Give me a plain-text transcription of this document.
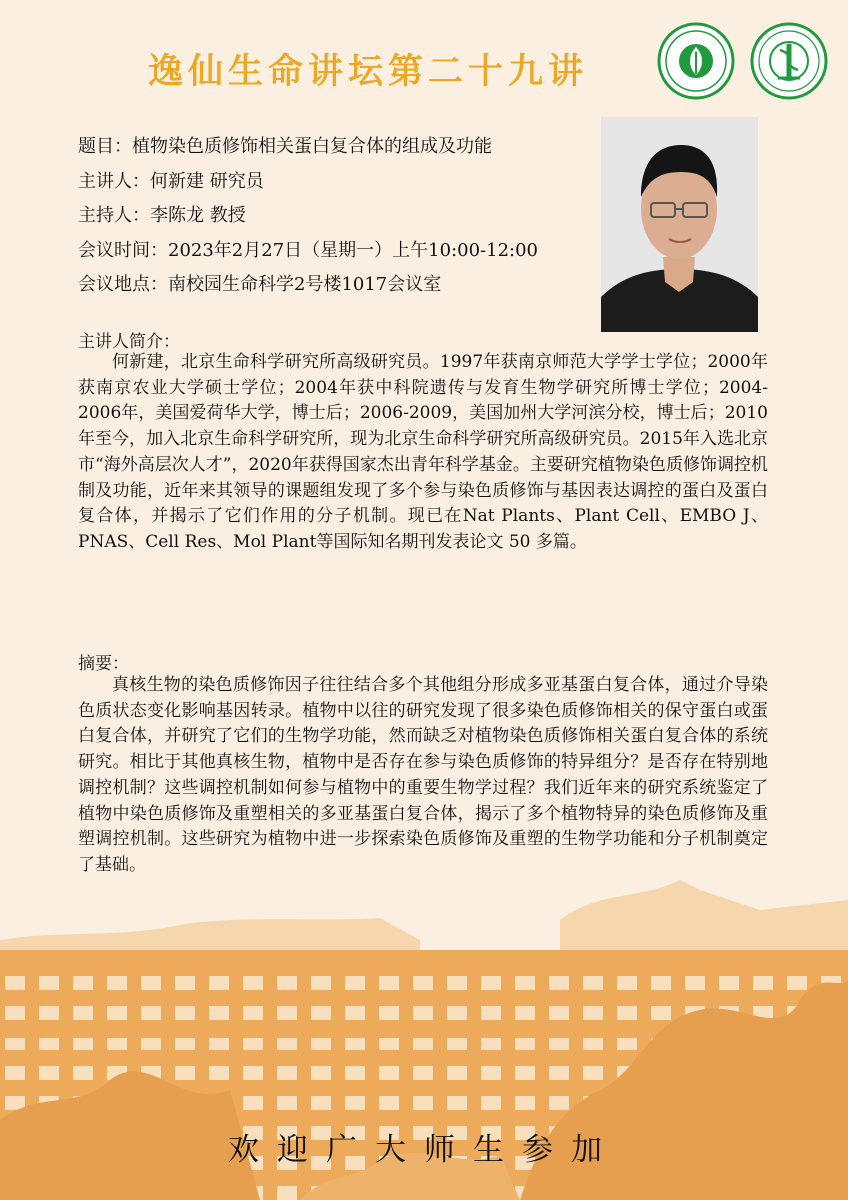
逸仙生命讲坛第二十九讲
题目：植物染色质修饰相关蛋白复合体的组成及功能
主讲人：何新建 研究员
主持人：李陈龙 教授
会议时间：2023年2月27日（星期一）上午10:00-12:00
会议地点：南校园生命科学2号楼1017会议室
主讲人简介：
何新建，北京生命科学研究所高级研究员。1997年获南京师范大学学士学位；2000年获南京农业大学硕士学位；2004年获中科院遗传与发育生物学研究所博士学位；2004-2006年，美国爱荷华大学，博士后；2006-2009，美国加州大学河滨分校，博士后；2010年至今，加入北京生命科学研究所，现为北京生命科学研究所高级研究员。2015年入选北京市“海外高层次人才”，2020年获得国家杰出青年科学基金。主要研究植物染色质修饰调控机制及功能，近年来其领导的课题组发现了多个参与染色质修饰与基因表达调控的蛋白及蛋白复合体，并揭示了它们作用的分子机制。现已在Nat Plants、Plant Cell、EMBO J、PNAS、Cell Res、Mol Plant等国际知名期刊发表论文 50 多篇。
摘要：
真核生物的染色质修饰因子往往结合多个其他组分形成多亚基蛋白复合体，通过介导染色质状态变化影响基因转录。植物中以往的研究发现了很多染色质修饰相关的保守蛋白或蛋白复合体，并研究了它们的生物学功能，然而缺乏对植物染色质修饰相关蛋白复合体的系统研究。相比于其他真核生物，植物中是否存在参与染色质修饰的特异组分？是否存在特别地调控机制？这些调控机制如何参与植物中的重要生物学过程？我们近年来的研究系统鉴定了植物中染色质修饰及重塑相关的多亚基蛋白复合体，揭示了多个植物特异的染色质修饰及重塑调控机制。这些研究为植物中进一步探索染色质修饰及重塑的生物学功能和分子机制奠定了基础。
欢迎广大师生参加
